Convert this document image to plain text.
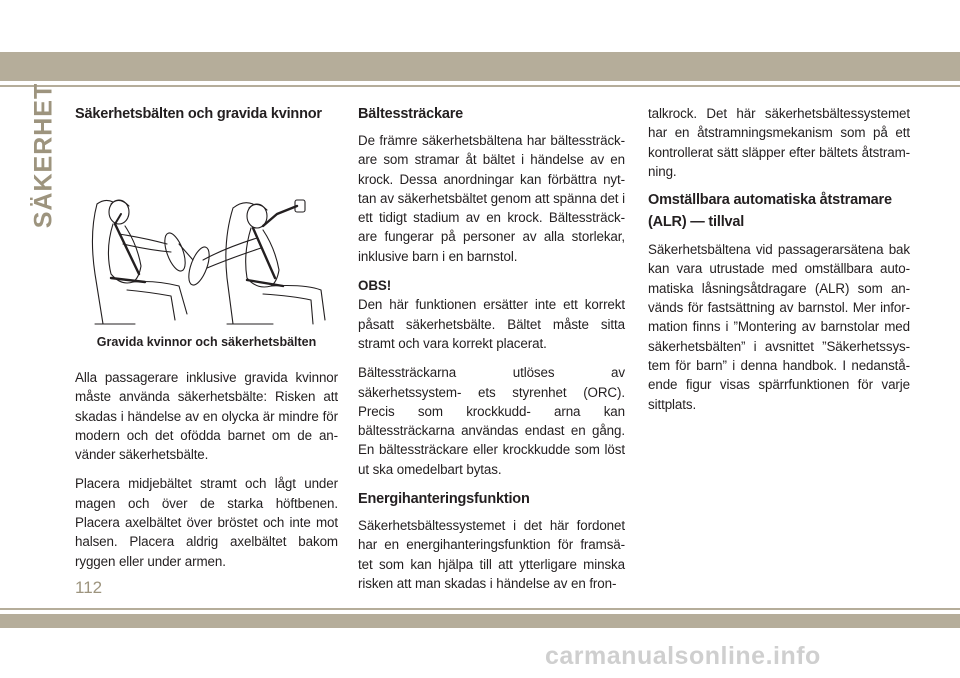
SÄKERHET Säkerhetsbälten och gravida kvinnor
Gravida kvinnor och säkerhetsbälten

Alla passagerare inklusive gravida kvinnor måste använda säkerhetsbälte: Risken att skadas i händelse av en olycka är mindre för modern och det ofödda barnet om de an- vänder säkerhetsbälte.

Placera midjebältet stramt och lågt under magen och över de starka höftbenen. Placera axelbältet över bröstet och inte mot halsen. Placera aldrig axelbältet bakom ryggen eller under armen.

Bältessträckare

De främre säkerhetsbältena har bältessträck- are som stramar åt bältet i händelse av en krock. Dessa anordningar kan förbättra nyt- tan av säkerhetsbältet genom att spänna det i ett tidigt stadium av en krock. Bältessträck- are fungerar på personer av alla storlekar, inklusive barn i en barnstol.

OBS!

Den här funktionen ersätter inte ett korrekt påsatt säkerhetsbälte. Bältet måste sitta stramt och vara korrekt placerat.

Bältessträckarna utlöses av säkerhetssystem- ets styrenhet (ORC). Precis som krockkudd- arna kan bältessträckarna användas endast en gång. En bältessträckare eller krockkudde som löst ut ska omedelbart bytas.

Energihanteringsfunktion

Säkerhetsbältessystemet i det här fordonet har en energihanteringsfunktion för framsä- tet som kan hjälpa till att ytterligare minska risken att man skadas i händelse av en fron-

talkrock. Det här säkerhetsbältessystemet har en åtstramningsmekanism som på ett kontrollerat sätt släpper efter bältets åtstram- ning.

Omställbara automatiska åtstramare (ALR) — tillval

Säkerhetsbältena vid passagerarsätena bak kan vara utrustade med omställbara auto- matiska låsningsåtdragare (ALR) som an- vänds för fastsättning av barnstol. Mer infor- mation finns i ”Montering av barnstolar med säkerhetsbälten” i avsnittet ”Säkerhetssys- tem för barn” i denna handbok. I nedanstå- ende figur visas spärrfunktionen för varje sittplats.

112
carmanualsonline.info
